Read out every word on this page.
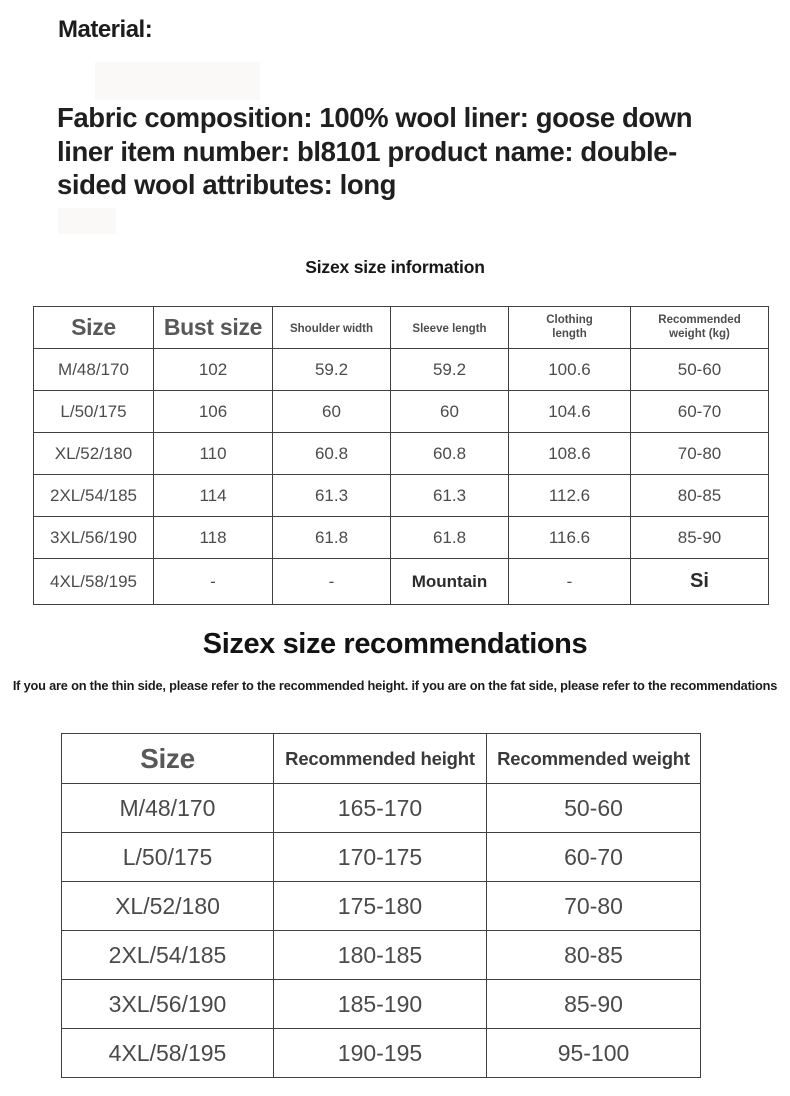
Material:
Fabric composition: 100% wool liner: goose down liner item number: bl8101 product name: double-sided wool attributes: long
Sizex size information
Size	Bust size	Shoulder width	Sleeve length	Clothing length	Recommended weight (kg)
M/48/170	102	59.2	59.2	100.6	50-60
L/50/175	106	60	60	104.6	60-70
XL/52/180	110	60.8	60.8	108.6	70-80
2XL/54/185	114	61.3	61.3	112.6	80-85
3XL/56/190	118	61.8	61.8	116.6	85-90
4XL/58/195	-	-	Mountain	-	Si
Sizex size recommendations
If you are on the thin side, please refer to the recommended height. if you are on the fat side, please refer to the recommendations
Size	Recommended height	Recommended weight
M/48/170	165-170	50-60
L/50/175	170-175	60-70
XL/52/180	175-180	70-80
2XL/54/185	180-185	80-85
3XL/56/190	185-190	85-90
4XL/58/195	190-195	95-100
